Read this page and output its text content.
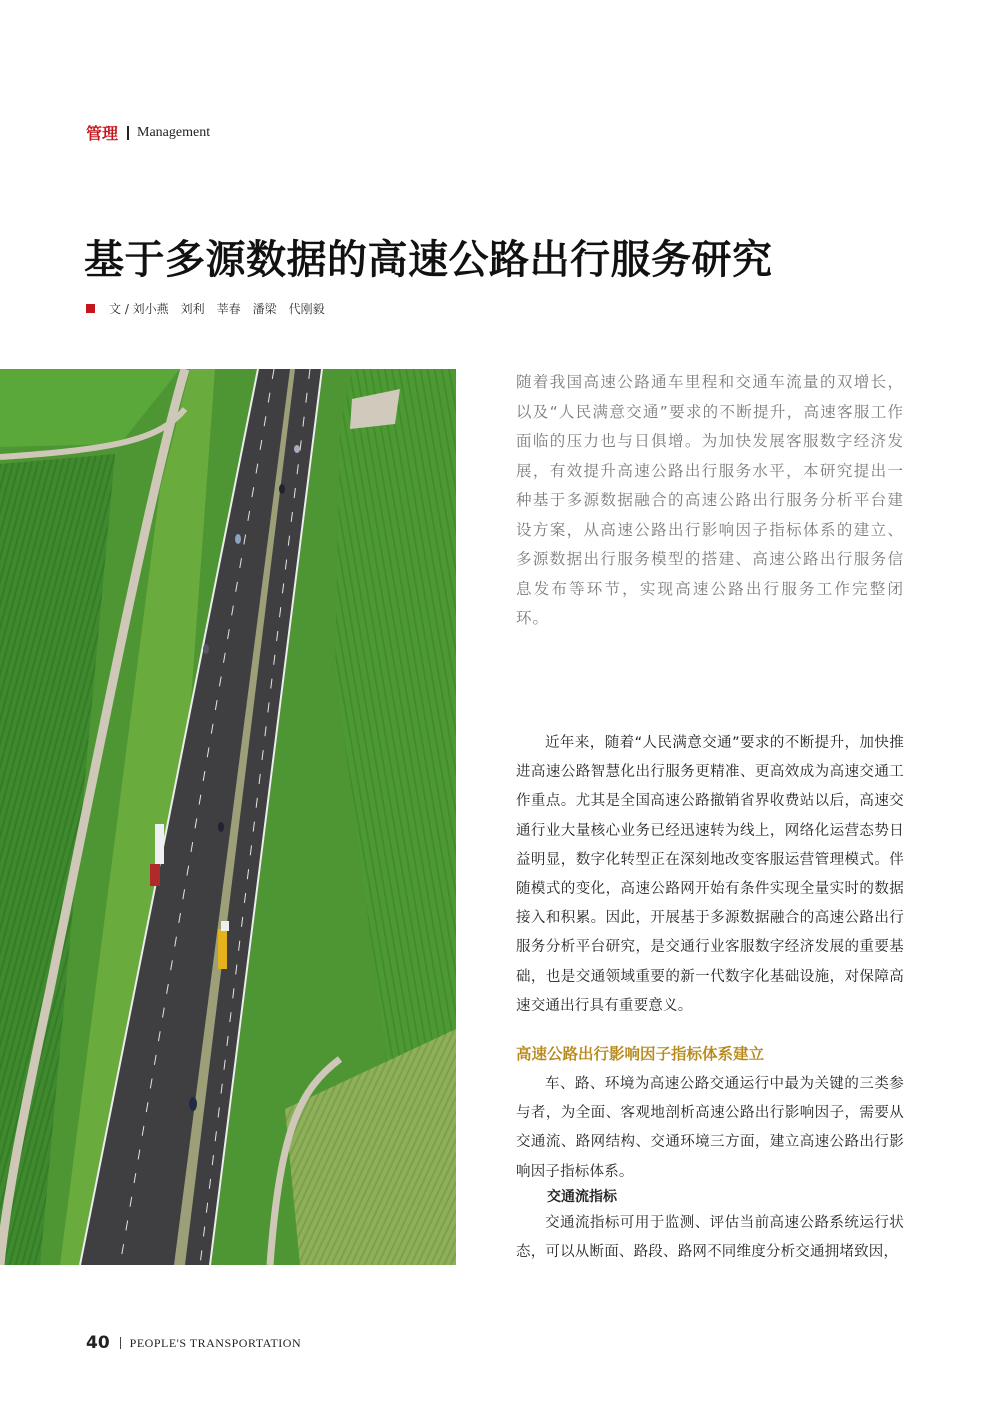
管理 Management
基于多源数据的高速公路出行服务研究
文 / 刘小燕　刘利　莘春　潘梁　代刚毅

随着我国高速公路通车里程和交通车流量的双增长，以及“人民满意交通”要求的不断提升，高速客服工作面临的压力也与日俱增。为加快发展客服数字经济发展，有效提升高速公路出行服务水平，本研究提出一种基于多源数据融合的高速公路出行服务分析平台建设方案，从高速公路出行影响因子指标体系的建立、多源数据出行服务模型的搭建、高速公路出行服务信息发布等环节，实现高速公路出行服务工作完整闭环。

近年来，随着“人民满意交通”要求的不断提升，加快推进高速公路智慧化出行服务更精准、更高效成为高速交通工作重点。尤其是全国高速公路撤销省界收费站以后，高速交通行业大量核心业务已经迅速转为线上，网络化运营态势日益明显，数字化转型正在深刻地改变客服运营管理模式。伴随模式的变化，高速公路网开始有条件实现全量实时的数据接入和积累。因此，开展基于多源数据融合的高速公路出行服务分析平台研究，是交通行业客服数字经济发展的重要基础，也是交通领域重要的新一代数字化基础设施，对保障高速交通出行具有重要意义。

高速公路出行影响因子指标体系建立

车、路、环境为高速公路交通运行中最为关键的三类参与者，为全面、客观地剖析高速公路出行影响因子，需要从交通流、路网结构、交通环境三方面，建立高速公路出行影响因子指标体系。

交通流指标

交通流指标可用于监测、评估当前高速公路系统运行状态，可以从断面、路段、路网不同维度分析交通拥堵致因，

40 PEOPLE'S TRANSPORTATION
